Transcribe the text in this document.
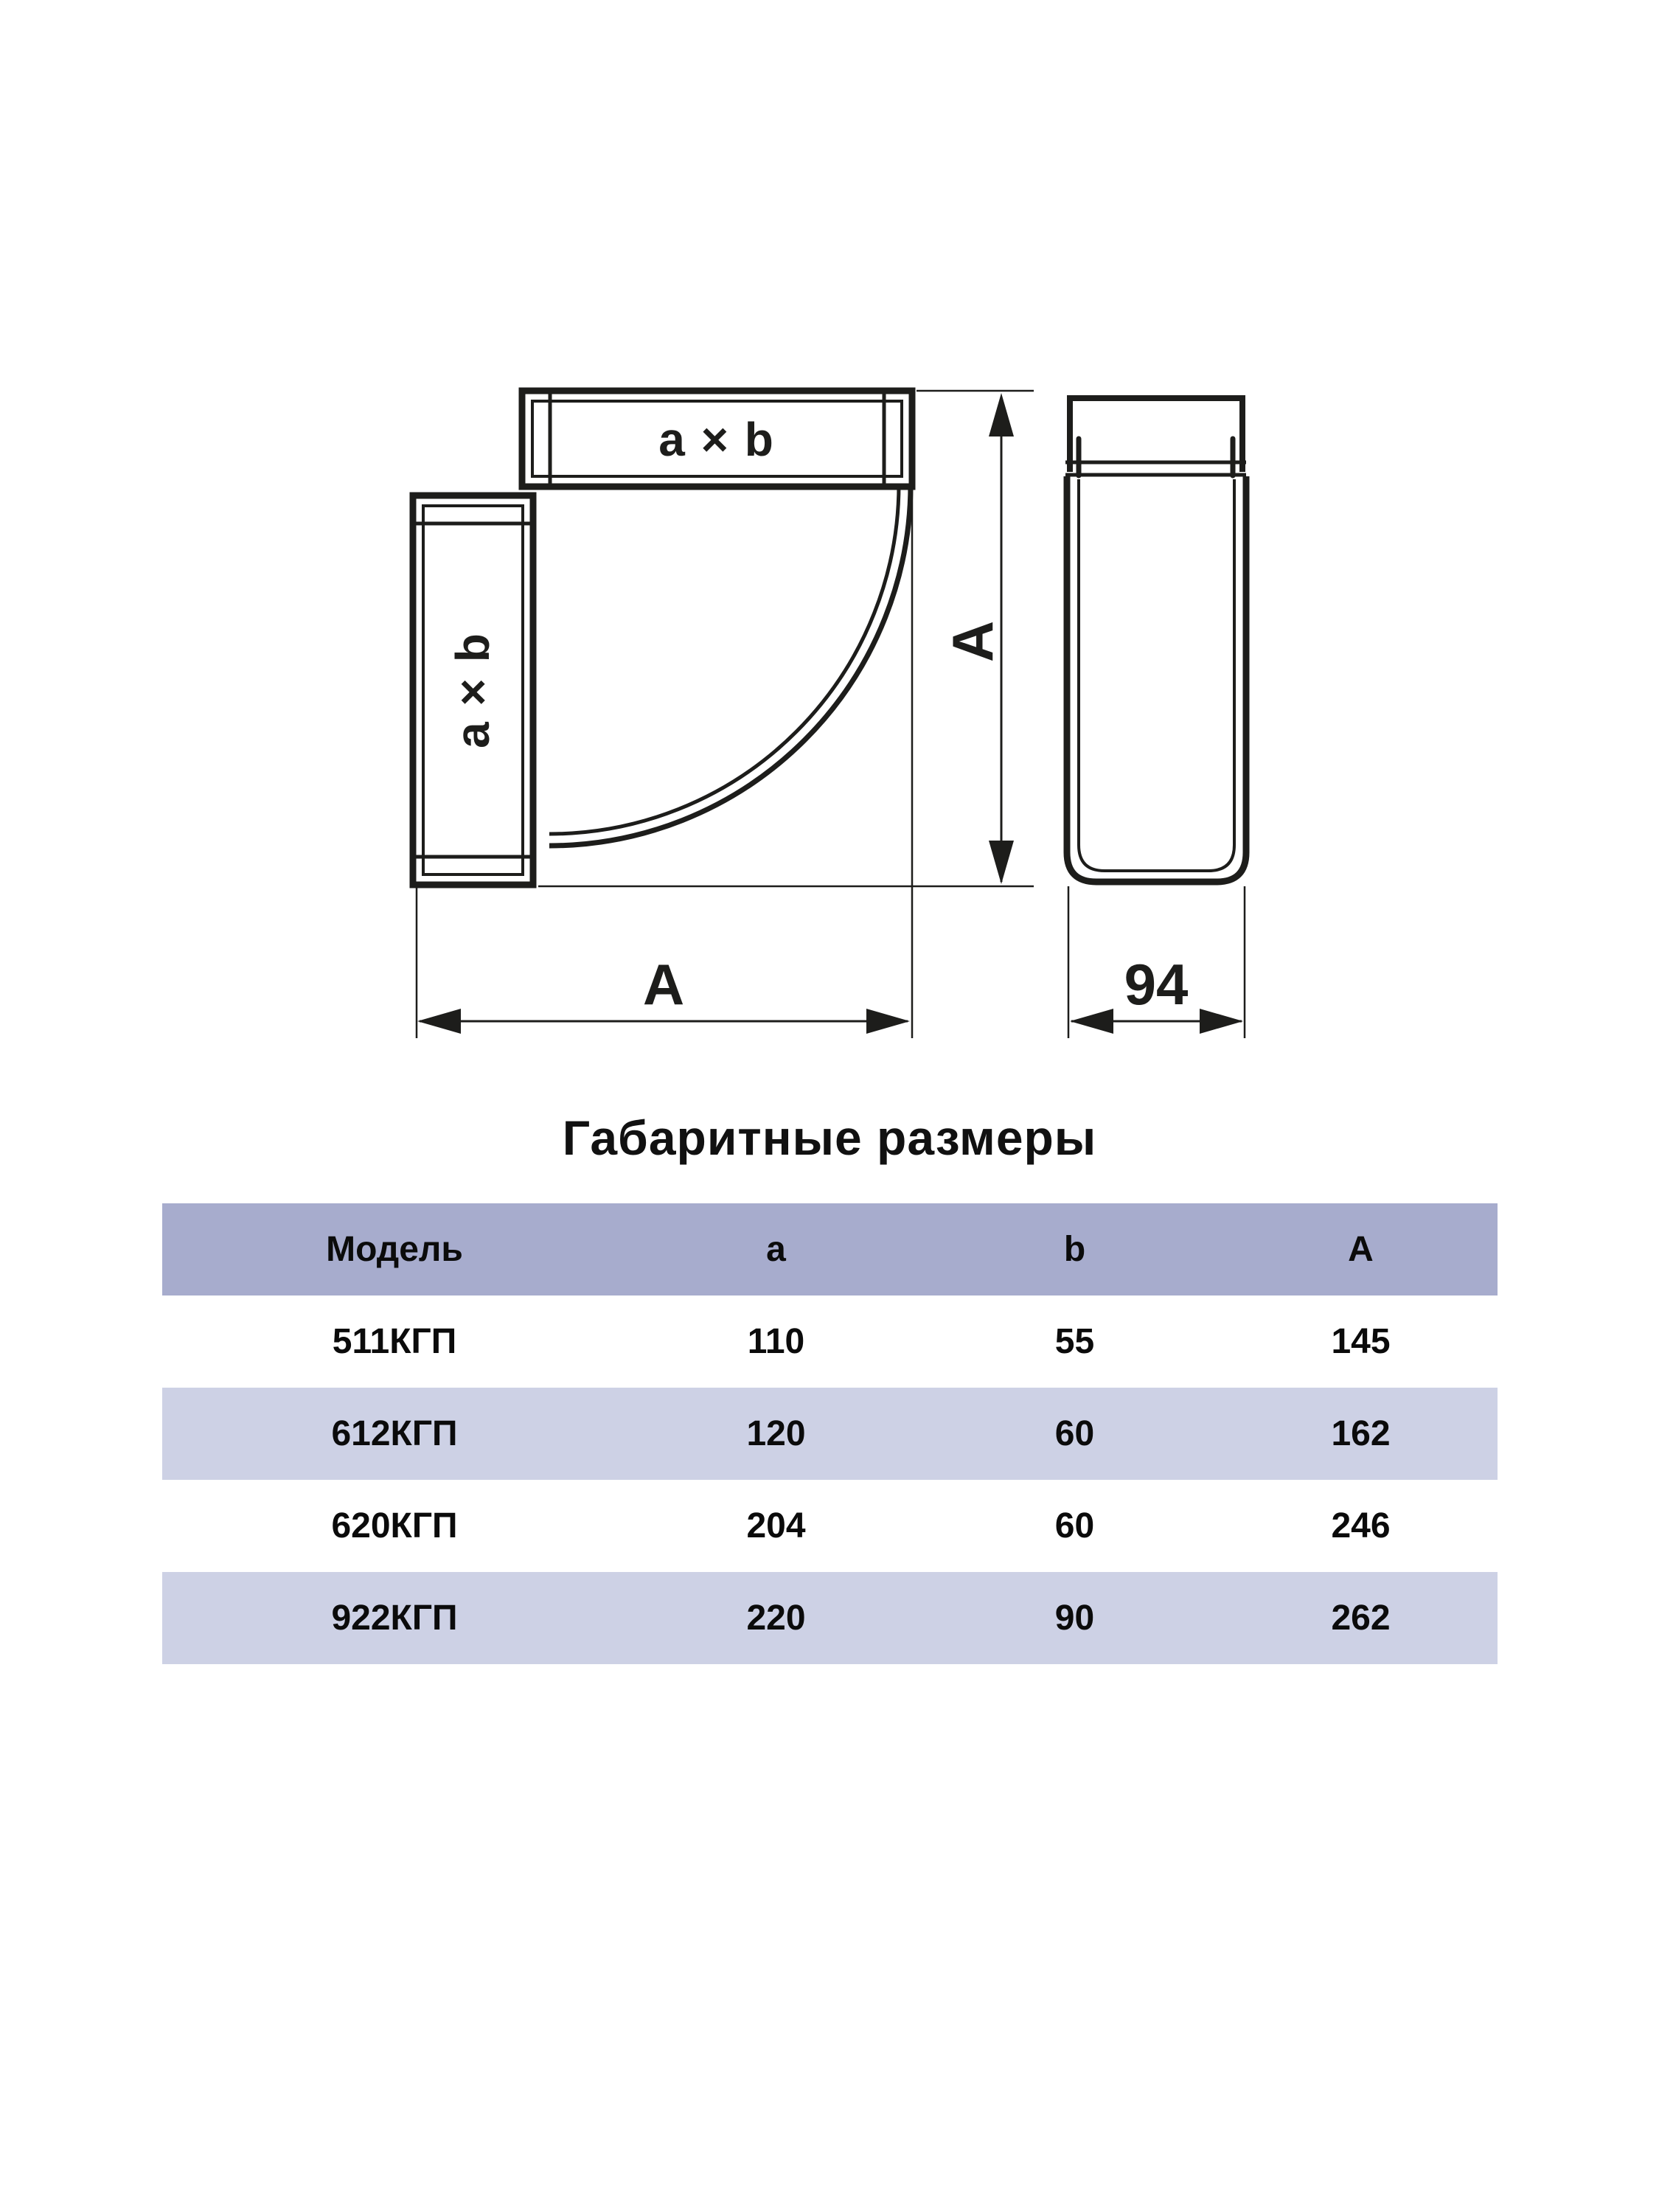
a × b
a × b	A
A	94
Габаритные размеры
Модель	a	b	A
511КГП	110	55	145
612КГП	120	60	162
620КГП	204	60	246
922КГП	220	90	262
